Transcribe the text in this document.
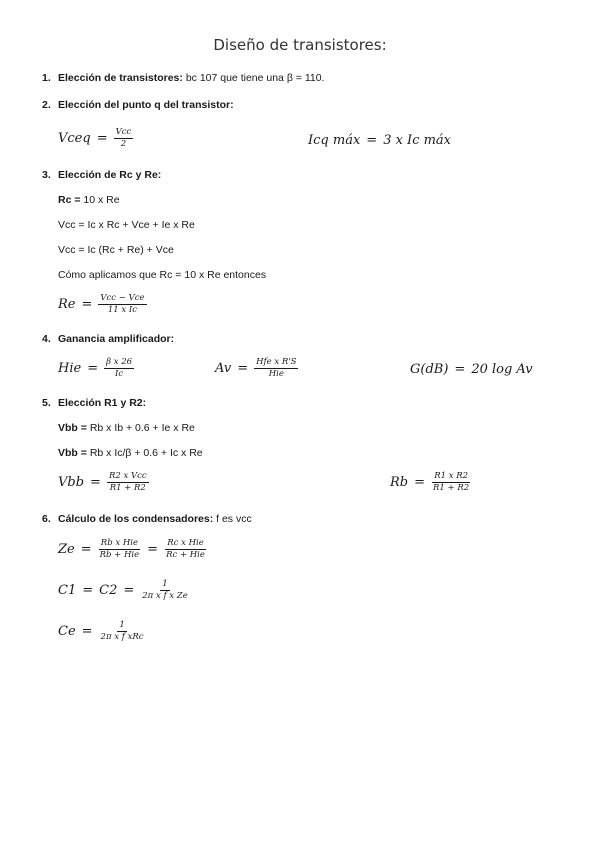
Diseño de transistores:
1. Elección de transistores: bc 107 que tiene una β = 110.
2. Elección del punto q del transistor:
Vceq = $\frac{\text{Vcc}}{2}$	Icq máx = 3 x Ic máx
3. Elección de Rc y Re:
Rc = 10 x Re
Vcc = Ic x Rc + Vce + Ie x Re
Vcc = Ic (Rc + Re) + Vce
Cómo aplicamos que Rc = 10 x Re entonces
$Re = \frac{\text{Vcc − Vce}}{\text{11 x Ic}}$
4. Ganancia amplificador:
Hie = $\frac{\text{β x 26}}{Ic}$	$Av = \frac{\text{Hfe x R'S}}{\text{Hie}}$	G(dB) = 20 log Av
5. Elección R1 y R2:
Vbb = Rb x Ib + 0.6 + Ie x Re
Vbb = Rb x Ic/β + 0.6 + Ic x Re
Vbb = $\frac{\text{R2 x Vcc}}{R1 + R2}$	$Rb = \frac{\text{R1 x R2}}{R1 + R2}$
6. Cálculo de los condensadores: f es vcc
$Ze = \frac{\text{Rb x Hie}}{\text{Rb + Hie}} = \frac{\text{Rc x Hie}}{\text{Rc + Hie}}$
$C1 = C2 = \frac{1}{\text{2π x f x Ze}}$
$Ce = \frac{1}{\text{2π x f xRc}}$
